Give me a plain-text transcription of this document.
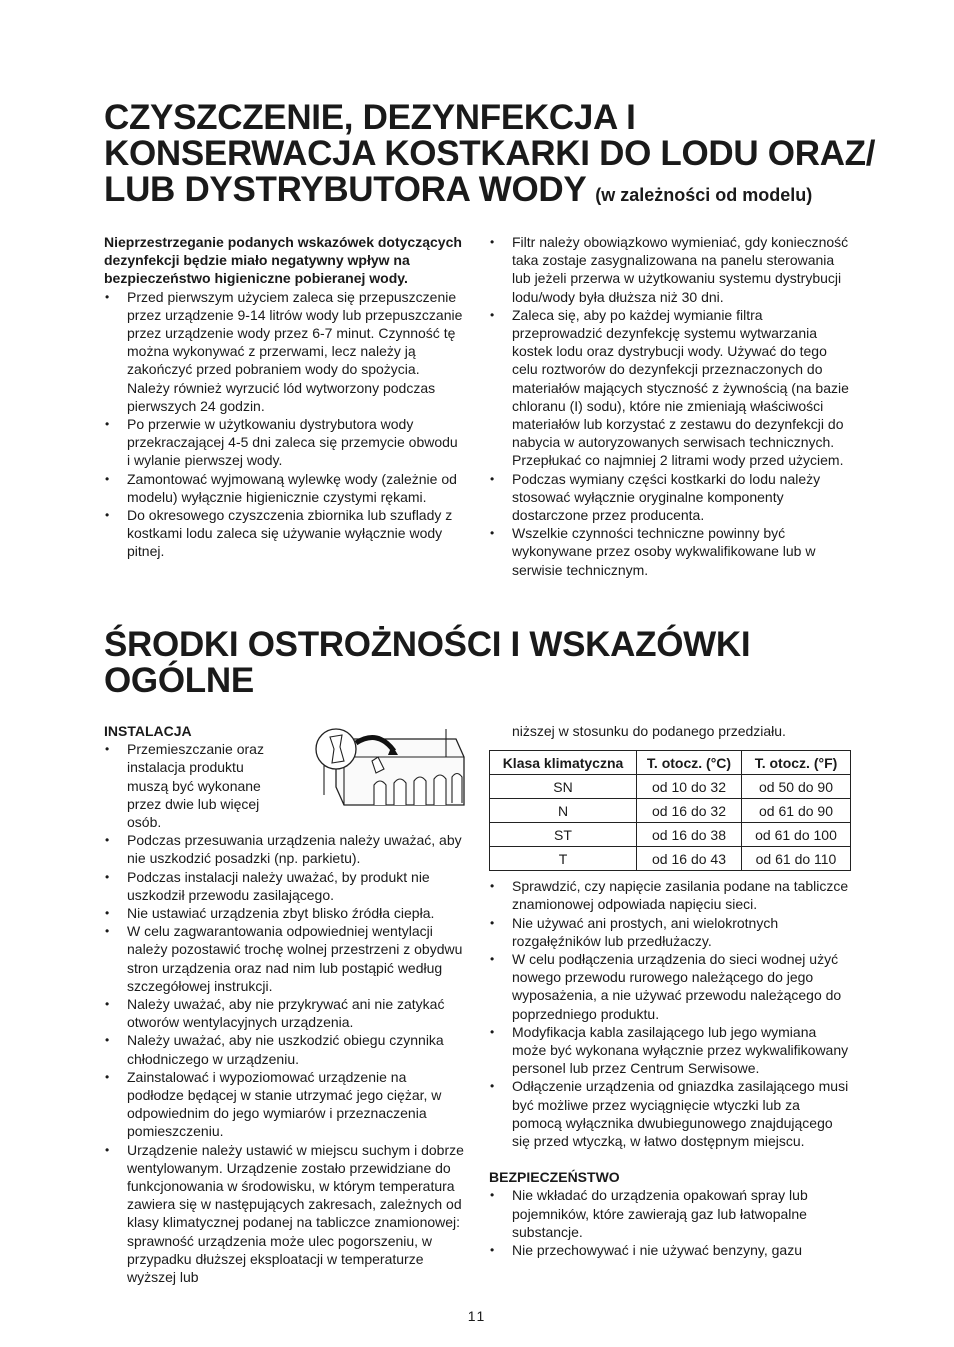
CZYSZCZENIE, DEZYNFEKCJA I KONSERWACJA KOSTKARKI DO LODU ORAZ/ LUB DYSTRYBUTORA WODY (w zależności od modelu)

Nieprzestrzeganie podanych wskazówek dotyczących dezynfekcji będzie miało negatywny wpływ na bezpieczeństwo higieniczne pobieranej wody.

• Przed pierwszym użyciem zaleca się przepuszczenie przez urządzenie 9-14 litrów wody lub przepuszczanie przez urządzenie wody przez 6-7 minut. Czynność tę można wykonywać z przerwami, lecz należy ją zakończyć przed pobraniem wody do spożycia. Należy również wyrzucić lód wytworzony podczas pierwszych 24 godzin.
• Po przerwie w użytkowaniu dystrybutora wody przekraczającej 4-5 dni zaleca się przemycie obwodu i wylanie pierwszej wody.
• Zamontować wyjmowaną wylewkę wody (zależnie od modelu) wyłącznie higienicznie czystymi rękami.
• Do okresowego czyszczenia zbiornika lub szuflady z kostkami lodu zaleca się używanie wyłącznie wody pitnej.
• Filtr należy obowiązkowo wymieniać, gdy konieczność taka zostaje zasygnalizowana na panelu sterowania lub jeżeli przerwa w użytkowaniu systemu dystrybucji lodu/wody była dłuższa niż 30 dni.
• Zaleca się, aby po każdej wymianie filtra przeprowadzić dezynfekcję systemu wytwarzania kostek lodu oraz dystrybucji wody. Używać do tego celu roztworów do dezynfekcji przeznaczonych do materiałów mających styczność z żywnością (na bazie chloranu (I) sodu), które nie zmieniają właściwości materiałów lub korzystać z zestawu do dezynfekcji do nabycia w autoryzowanych serwisach technicznych. Przepłukać co najmniej 2 litrami wody przed użyciem.
• Podczas wymiany części kostkarki do lodu należy stosować wyłącznie oryginalne komponenty dostarczone przez producenta.
• Wszelkie czynności techniczne powinny być wykonywane przez osoby wykwalifikowane lub w serwisie technicznym.
ŚRODKI OSTROŻNOŚCI I WSKAZÓWKI OGÓLNE

INSTALACJA

• Przemieszczanie oraz instalacja produktu muszą być wykonane przez dwie lub więcej osób.
• Podczas przesuwania urządzenia należy uważać, aby nie uszkodzić posadzki (np. parkietu).
• Podczas instalacji należy uważać, by produkt nie uszkodził przewodu zasilającego.
• Nie ustawiać urządzenia zbyt blisko źródła ciepła.
• W celu zagwarantowania odpowiedniej wentylacji należy pozostawić trochę wolnej przestrzeni z obydwu stron urządzenia oraz nad nim lub postąpić według szczegółowej instrukcji.
• Należy uważać, aby nie przykrywać ani nie zatykać otworów wentylacyjnych urządzenia.
• Należy uważać, aby nie uszkodzić obiegu czynnika chłodniczego w urządzeniu.
• Zainstalować i wypoziomować urządzenie na podłodze będącej w stanie utrzymać jego ciężar, w odpowiednim do jego wymiarów i przeznaczenia pomieszczeniu.
• Urządzenie należy ustawić w miejscu suchym i dobrze wentylowanym. Urządzenie zostało przewidziane do funkcjonowania w środowisku, w którym temperatura zawiera się w następujących zakresach, zależnych od klasy klimatycznej podanej na tabliczce znamionowej: sprawność urządzenia może ulec pogorszeniu, w przypadku dłuższej eksploatacji w temperaturze wyższej lub

niższej w stosunku do podanego przedziału.

Klasa klimatyczna	T. otocz. (°C)	T. otocz. (°F)
SN	od 10 do 32	od 50 do 90
N	od 16 do 32	od 61 do 90
ST	od 16 do 38	od 61 do 100
T	od 16 do 43	od 61 do 110
• Sprawdzić, czy napięcie zasilania podane na tabliczce znamionowej odpowiada napięciu sieci.
• Nie używać ani prostych, ani wielokrotnych rozgałęźników lub przedłużaczy.
• W celu podłączenia urządzenia do sieci wodnej użyć nowego przewodu rurowego należącego do jego wyposażenia, a nie używać przewodu należącego do poprzedniego produktu.
• Modyfikacja kabla zasilającego lub jego wymiana może być wykonana wyłącznie przez wykwalifikowany personel lub przez Centrum Serwisowe.
• Odłączenie urządzenia od gniazdka zasilającego musi być możliwe przez wyciągnięcie wtyczki lub za pomocą wyłącznika dwubiegunowego znajdującego się przed wtyczką, w łatwo dostępnym miejscu.

BEZPIECZEŃSTWO

• Nie wkładać do urządzenia opakowań spray lub pojemników, które zawierają gaz lub łatwopalne substancje.
• Nie przechowywać i nie używać benzyny, gazu
11
